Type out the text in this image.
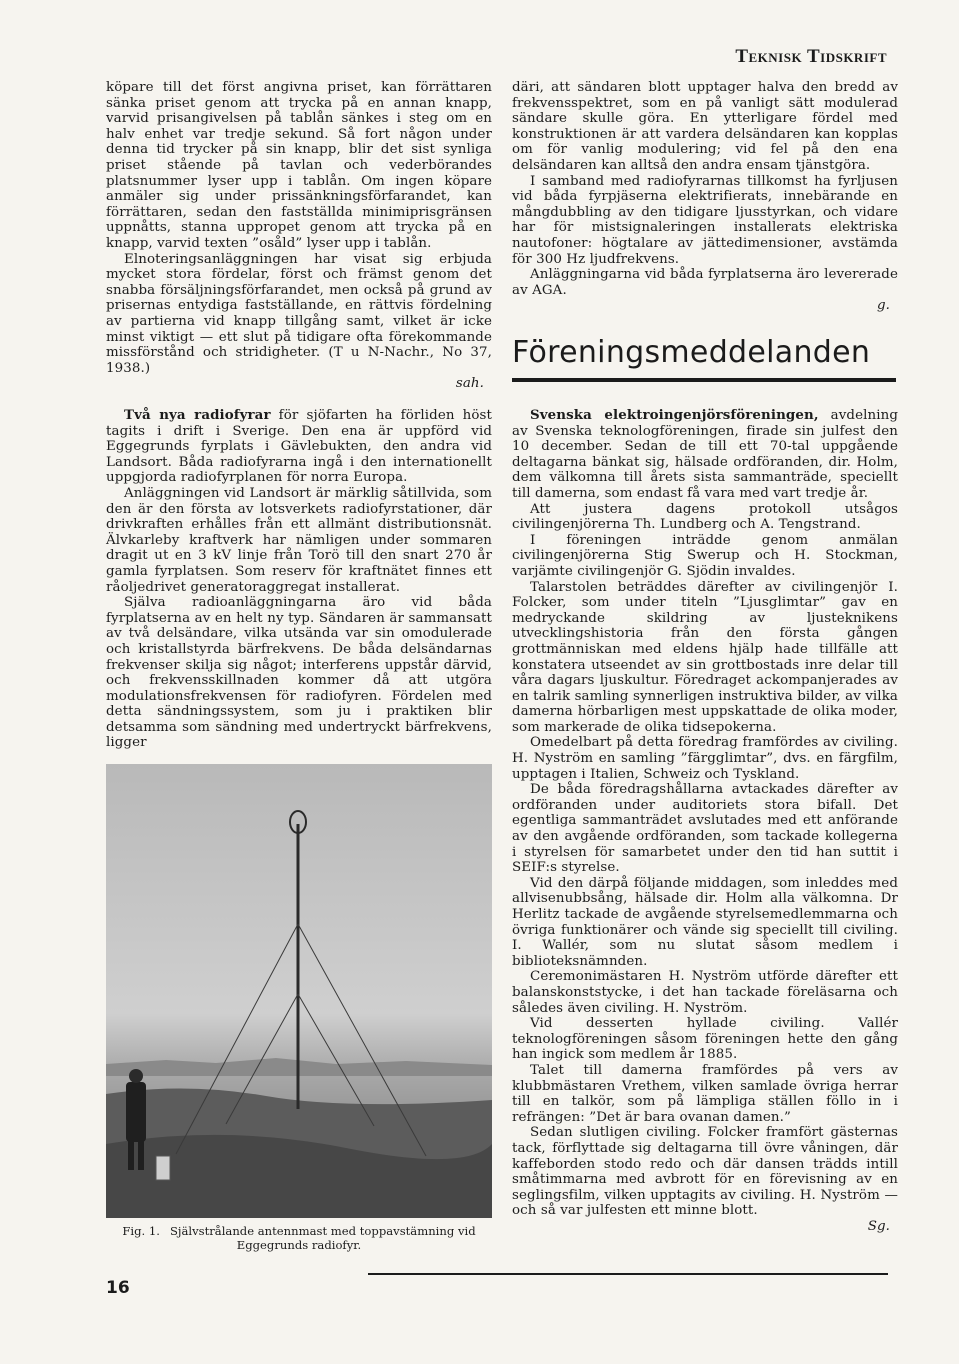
Teknisk Tidskrift

köpare till det först angivna priset, kan förrättaren sänka priset genom att trycka på en annan knapp, varvid prisangivelsen på tablån sänkes i steg om en halv enhet var tredje sekund. Så fort någon under denna tid trycker på sin knapp, blir det sist synliga priset stående på tavlan och vederbörandes platsnummer lyser upp i tablån. Om ingen köpare anmäler sig under prissänkningsförfarandet, kan förrättaren, sedan den fastställda minimiprisgränsen uppnåtts, stanna uppropet genom att trycka på en knapp, varvid texten ”osåld” lyser upp i tablån.

Elnoteringsanläggningen har visat sig erbjuda mycket stora fördelar, först och främst genom det snabba försäljningsförfarandet, men också på grund av prisernas entydiga fastställande, en rättvis fördelning av partierna vid knapp tillgång samt, vilket är icke minst viktigt — ett slut på tidigare ofta förekommande missförstånd och stridigheter. (T u N-Nachr., No 37, 1938.)

sah.

Två nya radiofyrar för sjöfarten ha förliden höst tagits i drift i Sverige. Den ena är uppförd vid Eggegrunds fyrplats i Gävlebukten, den andra vid Landsort. Båda radiofyrarna ingå i den internationellt uppgjorda radiofyrplanen för norra Europa.

Anläggningen vid Landsort är märklig såtillvida, som den är den första av lotsverkets radiofyrstationer, där drivkraften erhålles från ett allmänt distributionsnät. Älvkarleby kraftverk har nämligen under sommaren dragit ut en 3 kV linje från Torö till den snart 270 år gamla fyrplatsen. Som reserv för kraftnätet finnes ett råoljedrivet generatoraggregat installerat.

Själva radioanläggningarna äro vid båda fyrplatserna av en helt ny typ. Sändaren är sammansatt av två delsändare, vilka utsända var sin omodulerade och kristallstyrda bärfrekvens. De båda delsändarnas frekvenser skilja sig något; interferens uppstår därvid, och frekvensskillnaden kommer då att utgöra modulationsfrekvensen för radiofyren. Fördelen med detta sändningssystem, som ju i praktiken blir detsamma som sändning med undertryckt bärfrekvens, ligger

Fig. 1. Självstrålande antennmast med toppavstämning vid Eggegrunds radiofyr.

däri, att sändaren blott upptager halva den bredd av frekvensspektret, som en på vanligt sätt modulerad sändare skulle göra. En ytterligare fördel med konstruktionen är att vardera delsändaren kan kopplas om för vanlig modulering; vid fel på den ena delsändaren kan alltså den andra ensam tjänstgöra.

I samband med radiofyrarnas tillkomst ha fyrljusen vid båda fyrpjäserna elektrifierats, innebärande en mångdubbling av den tidigare ljusstyrkan, och vidare har för mistsignaleringen installerats elektriska nautofoner: högtalare av jättedimensioner, avstämda för 300 Hz ljudfrekvens.

Anläggningarna vid båda fyrplatserna äro levererade av AGA.

g.

Föreningsmeddelanden

Svenska elektroingenjörsföreningen, avdelning av Svenska teknologföreningen, firade sin julfest den 10 december. Sedan de till ett 70-tal uppgående deltagarna bänkat sig, hälsade ordföranden, dir. Holm, dem välkomna till årets sista sammanträde, speciellt till damerna, som endast få vara med vart tredje år.

Att justera dagens protokoll utsågos civilingenjörerna Th. Lundberg och A. Tengstrand.

I föreningen inträdde genom anmälan civilingenjörerna Stig Swerup och H. Stockman, varjämte civilingenjör G. Sjödin invaldes.

Talarstolen beträddes därefter av civilingenjör I. Folcker, som under titeln ”Ljusglimtar” gav en medryckande skildring av ljusteknikens utvecklingshistoria från den första gången grottmänniskan med eldens hjälp hade tillfälle att konstatera utseendet av sin grottbostads inre delar till våra dagars ljuskultur. Föredraget ackompanjerades av en talrik samling synnerligen instruktiva bilder, av vilka damerna hörbarligen mest uppskattade de olika moder, som markerade de olika tidsepokerna.

Omedelbart på detta föredrag framfördes av civiling. H. Nyström en samling ”färgglimtar”, dvs. en färgfilm, upptagen i Italien, Schweiz och Tyskland.

De båda föredragshållarna avtackades därefter av ordföranden under auditoriets stora bifall. Det egentliga sammanträdet avslutades med ett anförande av den avgående ordföranden, som tackade kollegerna i styrelsen för samarbetet under den tid han suttit i SEIF:s styrelse.

Vid den därpå följande middagen, som inleddes med allvisenubbsång, hälsade dir. Holm alla välkomna. Dr Herlitz tackade de avgående styrelsemedlemmarna och övriga funktionärer och vände sig speciellt till civiling. I. Wallér, som nu slutat såsom medlem i biblioteksnämnden.

Ceremonimästaren H. Nyström utförde därefter ett balanskonststycke, i det han tackade föreläsarna och således även civiling. H. Nyström.

Vid desserten hyllade civiling. Vallér teknologföreningen såsom föreningen hette den gång han ingick som medlem år 1885.

Talet till damerna framfördes på vers av klubbmästaren Vrethem, vilken samlade övriga herrar till en talkör, som på lämpliga ställen föllo in i refrängen: ”Det är bara ovanan damen.”

Sedan slutligen civiling. Folcker framfört gästernas tack, förflyttade sig deltagarna till övre våningen, där kaffeborden stodo redo och där dansen trädds intill småtimmarna med avbrott för en förevisning av en seglingsfilm, vilken upptagits av civiling. H. Nyström — och så var julfesten ett minne blott.

Sg.

16
